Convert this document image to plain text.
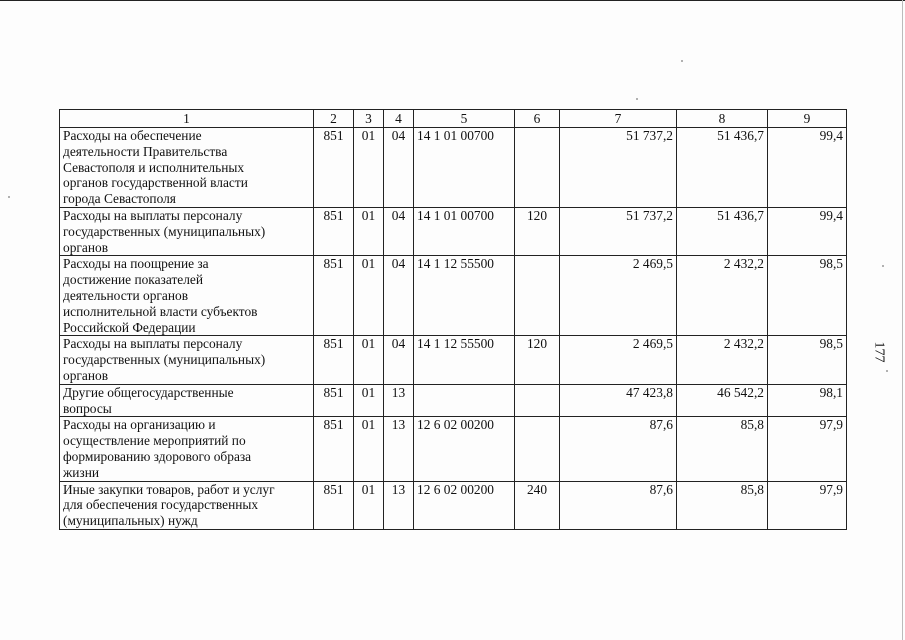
1	2	3	4	5	6	7	8	9

Расходы на обеспечение
деятельности Правительства
Севастополя и исполнительных
органов государственной власти
города Севастополя	851	01	04	14 1 01 00700		51 737,2	51 436,7	99,4

Расходы на выплаты персоналу
государственных (муниципальных)
органов	851	01	04	14 1 01 00700	120	51 737,2	51 436,7	99,4

Расходы на поощрение за
достижение показателей
деятельности органов
исполнительной власти субъектов
Российской Федерации	851	01	04	14 1 12 55500		2 469,5	2 432,2	98,5

Расходы на выплаты персоналу
государственных (муниципальных)
органов	851	01	04	14 1 12 55500	120	2 469,5	2 432,2	98,5

Другие общегосударственные
вопросы	851	01	13			47 423,8	46 542,2	98,1

Расходы на организацию и
осуществление мероприятий по
формированию здорового образа
жизни	851	01	13	12 6 02 00200		87,6	85,8	97,9

Иные закупки товаров, работ и услуг
для обеспечения государственных
(муниципальных) нужд	851	01	13	12 6 02 00200	240	87,6	85,8	97,9
177
